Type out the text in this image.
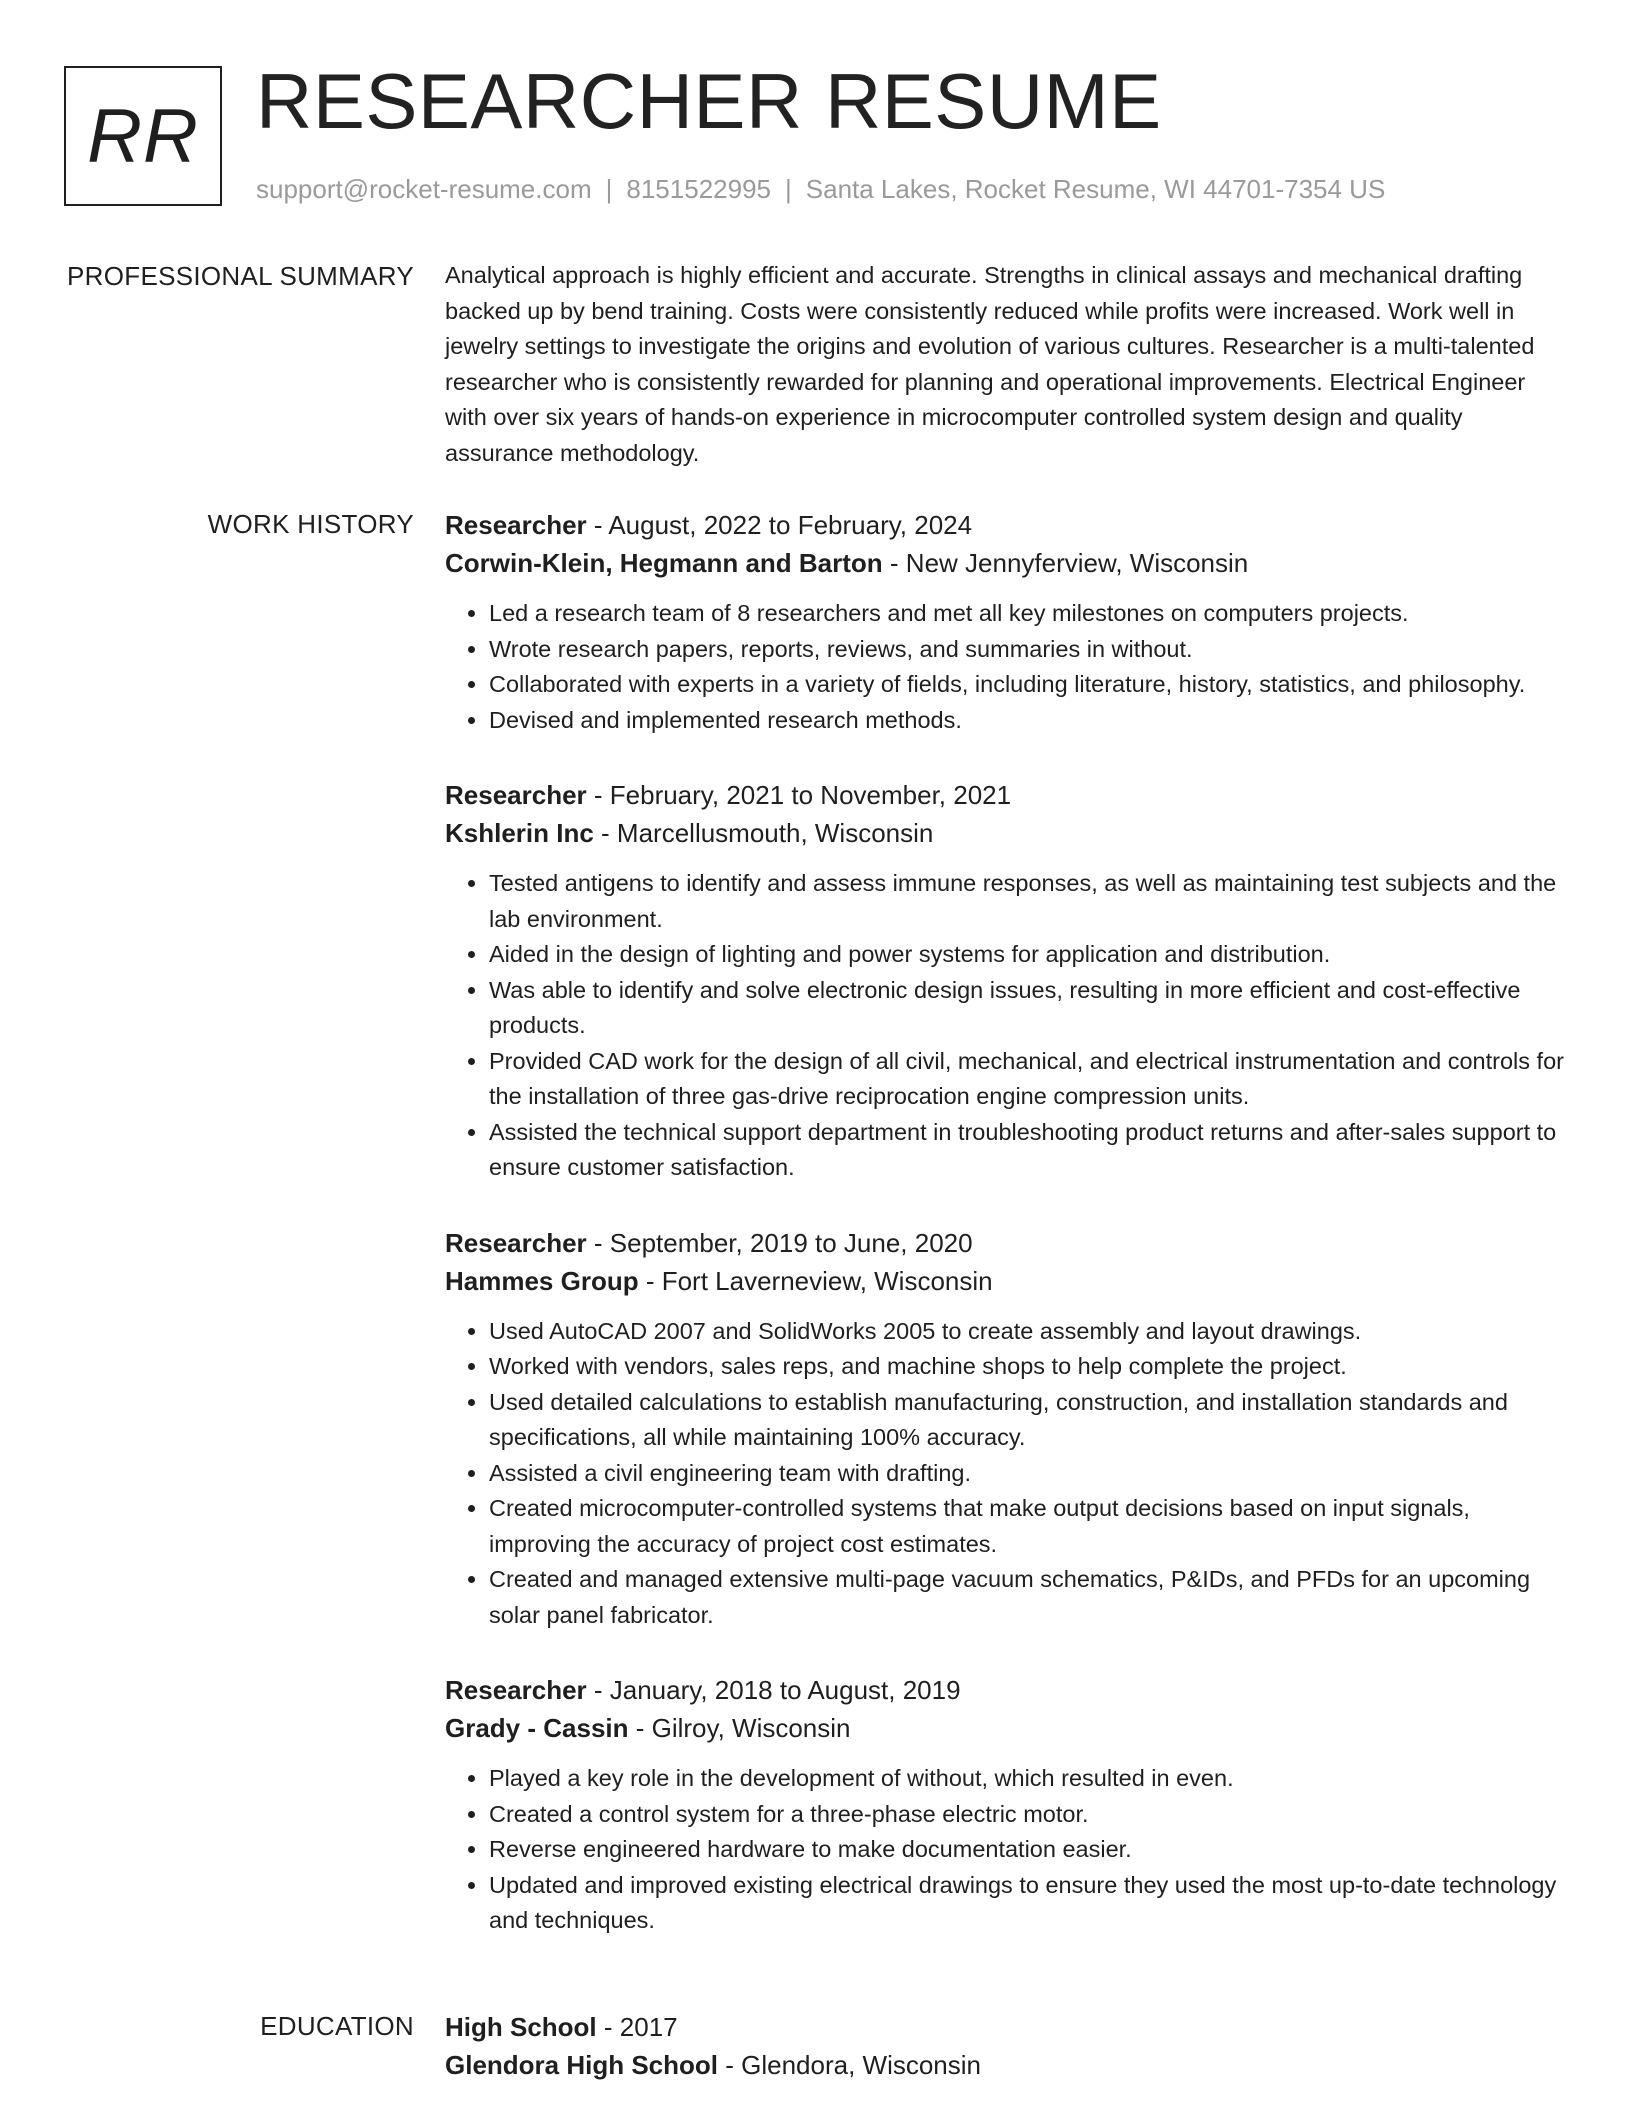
RR RESEARCHER RESUME
support@rocket-resume.com | 8151522995 | Santa Lakes, Rocket Resume, WI 44701-7354 US
PROFESSIONAL SUMMARY Analytical approach is highly efficient and accurate. Strengths in clinical assays and mechanical drafting backed up by bend training. Costs were consistently reduced while profits were increased. Work well in jewelry settings to investigate the origins and evolution of various cultures. Researcher is a multi-talented researcher who is consistently rewarded for planning and operational improvements. Electrical Engineer with over six years of hands-on experience in microcomputer controlled system design and quality assurance methodology.
WORK HISTORY Researcher - August, 2022 to February, 2024
Corwin-Klein, Hegmann and Barton - New Jennyferview, Wisconsin
• Led a research team of 8 researchers and met all key milestones on computers projects.
• Wrote research papers, reports, reviews, and summaries in without.
• Collaborated with experts in a variety of fields, including literature, history, statistics, and philosophy.
• Devised and implemented research methods.
Researcher - February, 2021 to November, 2021
Kshlerin Inc - Marcellusmouth, Wisconsin
• Tested antigens to identify and assess immune responses, as well as maintaining test subjects and the lab environment.
• Aided in the design of lighting and power systems for application and distribution.
• Was able to identify and solve electronic design issues, resulting in more efficient and cost-effective products.
• Provided CAD work for the design of all civil, mechanical, and electrical instrumentation and controls for the installation of three gas-drive reciprocation engine compression units.
• Assisted the technical support department in troubleshooting product returns and after-sales support to ensure customer satisfaction.
Researcher - September, 2019 to June, 2020
Hammes Group - Fort Laverneview, Wisconsin
• Used AutoCAD 2007 and SolidWorks 2005 to create assembly and layout drawings.
• Worked with vendors, sales reps, and machine shops to help complete the project.
• Used detailed calculations to establish manufacturing, construction, and installation standards and specifications, all while maintaining 100% accuracy.
• Assisted a civil engineering team with drafting.
• Created microcomputer-controlled systems that make output decisions based on input signals, improving the accuracy of project cost estimates.
• Created and managed extensive multi-page vacuum schematics, P&IDs, and PFDs for an upcoming solar panel fabricator.
Researcher - January, 2018 to August, 2019
Grady - Cassin - Gilroy, Wisconsin
• Played a key role in the development of without, which resulted in even.
• Created a control system for a three-phase electric motor.
• Reverse engineered hardware to make documentation easier.
• Updated and improved existing electrical drawings to ensure they used the most up-to-date technology and techniques.
EDUCATION High School - 2017
Glendora High School - Glendora, Wisconsin
